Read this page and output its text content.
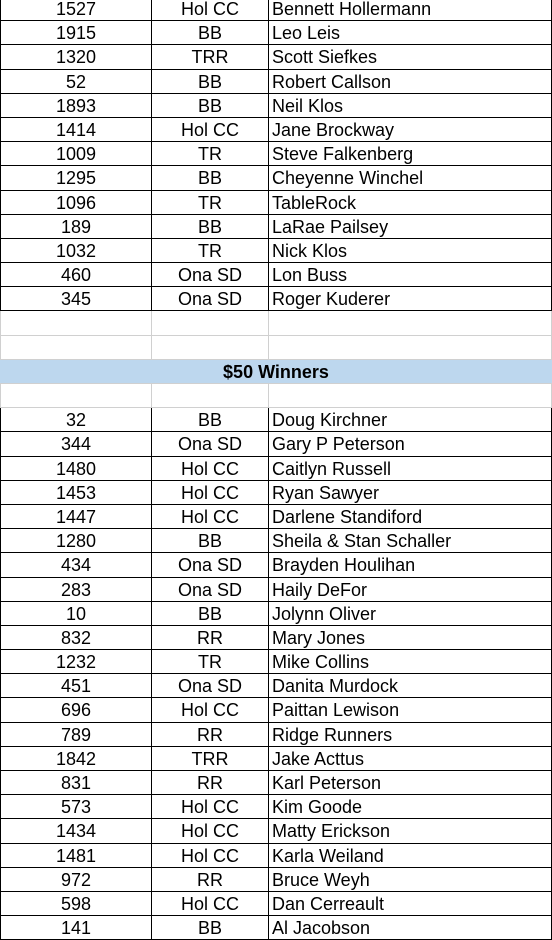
1527	Hol CC	Bennett Hollermann
1915	BB	Leo Leis
1320	TRR	Scott Siefkes
52	BB	Robert Callson
1893	BB	Neil Klos
1414	Hol CC	Jane Brockway
1009	TR	Steve Falkenberg
1295	BB	Cheyenne Winchel
1096	TR	TableRock
189	BB	LaRae Pailsey
1032	TR	Nick Klos
460	Ona SD	Lon Buss
345	Ona SD	Roger Kuderer
$50 Winners
32	BB	Doug Kirchner
344	Ona SD	Gary P Peterson
1480	Hol CC	Caitlyn Russell
1453	Hol CC	Ryan Sawyer
1447	Hol CC	Darlene Standiford
1280	BB	Sheila & Stan Schaller
434	Ona SD	Brayden Houlihan
283	Ona SD	Haily DeFor
10	BB	Jolynn Oliver
832	RR	Mary Jones
1232	TR	Mike Collins
451	Ona SD	Danita Murdock
696	Hol CC	Paittan Lewison
789	RR	Ridge Runners
1842	TRR	Jake Acttus
831	RR	Karl Peterson
573	Hol CC	Kim Goode
1434	Hol CC	Matty Erickson
1481	Hol CC	Karla Weiland
972	RR	Bruce Weyh
598	Hol CC	Dan Cerreault
141	BB	Al Jacobson
